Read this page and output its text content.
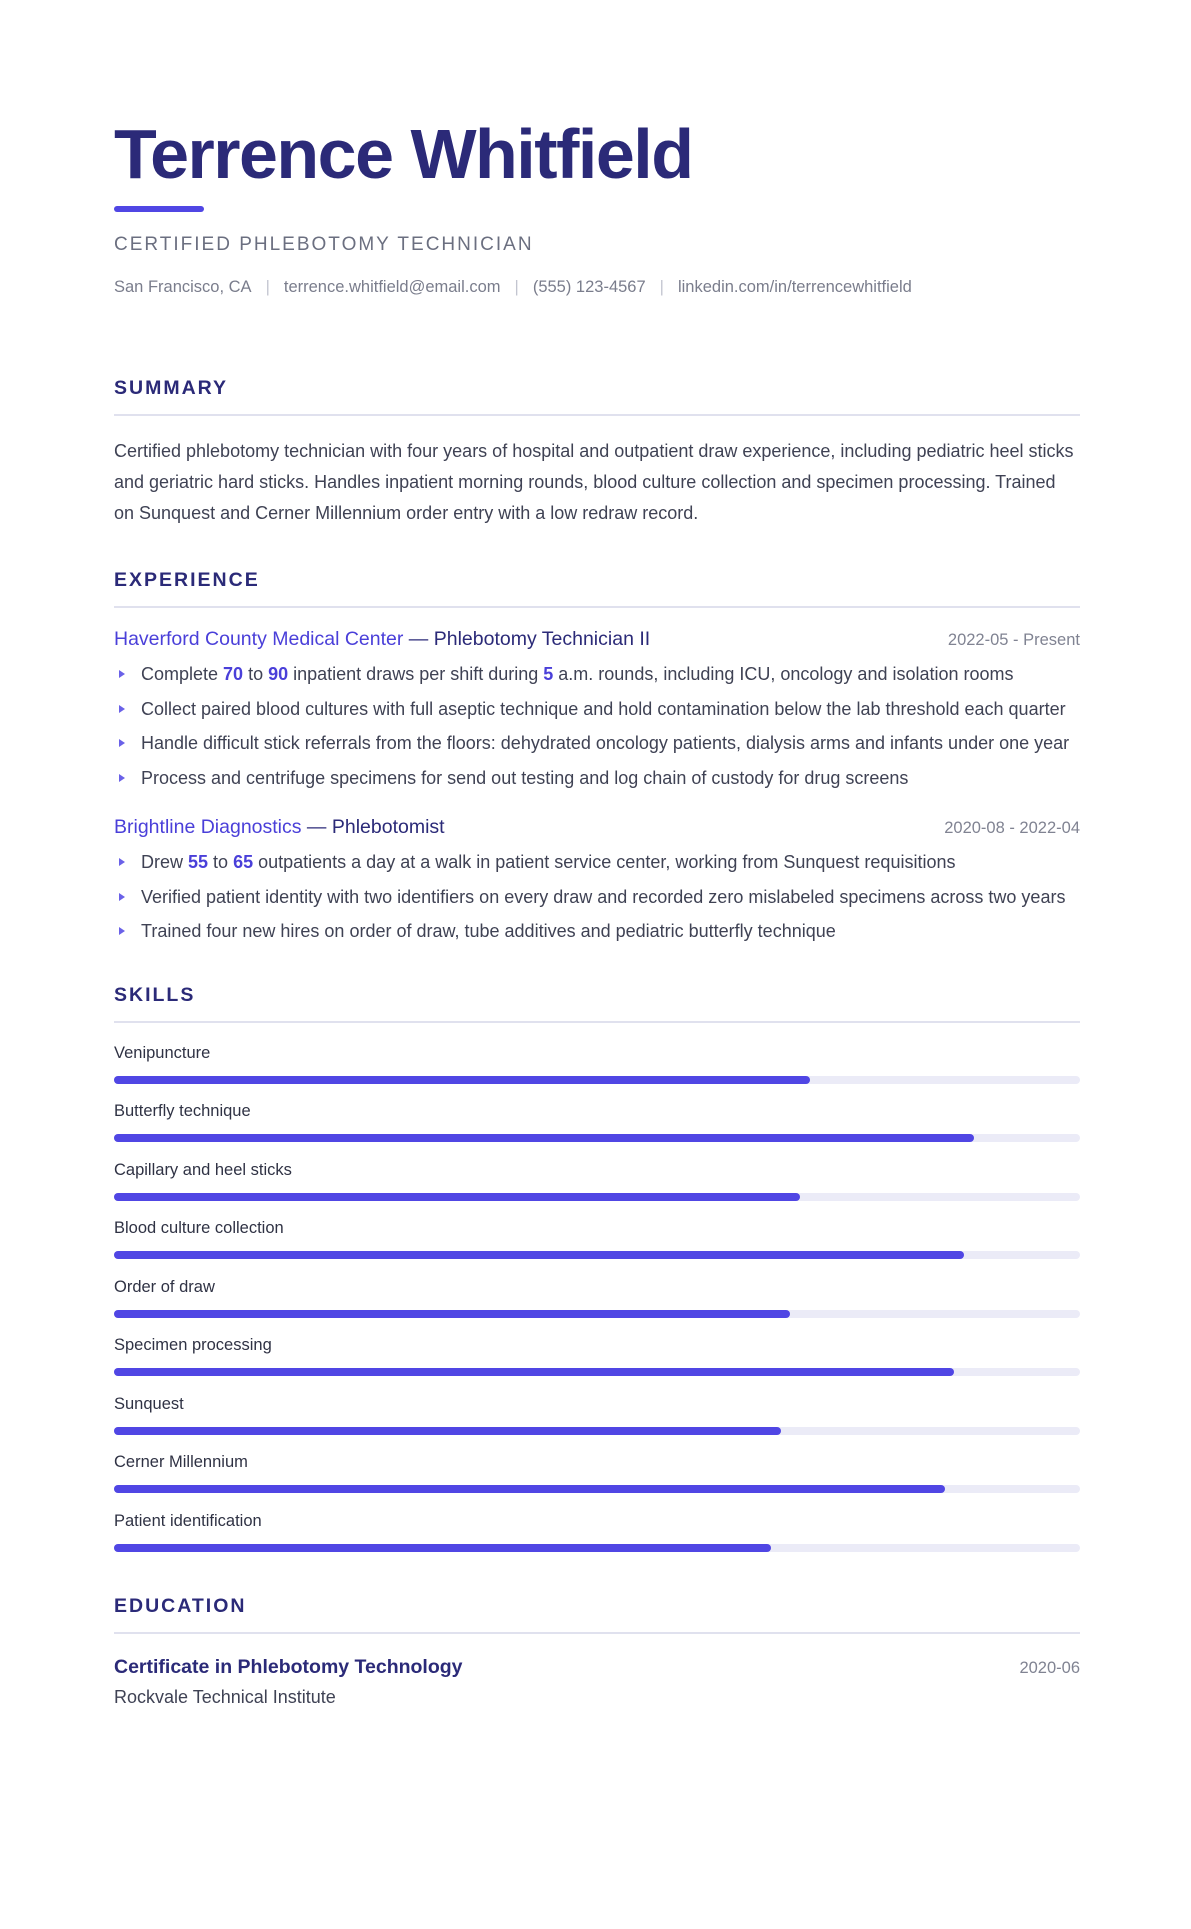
Terrence Whitfield
CERTIFIED PHLEBOTOMY TECHNICIAN
San Francisco, CA | terrence.whitfield@email.com | (555) 123-4567 | linkedin.com/in/terrencewhitfield
SUMMARY

Certified phlebotomy technician with four years of hospital and outpatient draw experience, including pediatric heel sticks and geriatric hard sticks. Handles inpatient morning rounds, blood culture collection and specimen processing. Trained on Sunquest and Cerner Millennium order entry with a low redraw record.

EXPERIENCE
Haverford County Medical Center — Phlebotomy Technician II	2022-05 - Present
Complete 70 to 90 inpatient draws per shift during 5 a.m. rounds, including ICU, oncology and isolation rooms
Collect paired blood cultures with full aseptic technique and hold contamination below the lab threshold each quarter
Handle difficult stick referrals from the floors: dehydrated oncology patients, dialysis arms and infants under one year
Process and centrifuge specimens for send out testing and log chain of custody for drug screens
Brightline Diagnostics — Phlebotomist	2020-08 - 2022-04
Drew 55 to 65 outpatients a day at a walk in patient service center, working from Sunquest requisitions
Verified patient identity with two identifiers on every draw and recorded zero mislabeled specimens across two years
Trained four new hires on order of draw, tube additives and pediatric butterfly technique
SKILLS
Venipuncture
Butterfly technique
Capillary and heel sticks
Blood culture collection
Order of draw
Specimen processing
Sunquest
Cerner Millennium
Patient identification
EDUCATION
Certificate in Phlebotomy Technology	2020-06
Rockvale Technical Institute
